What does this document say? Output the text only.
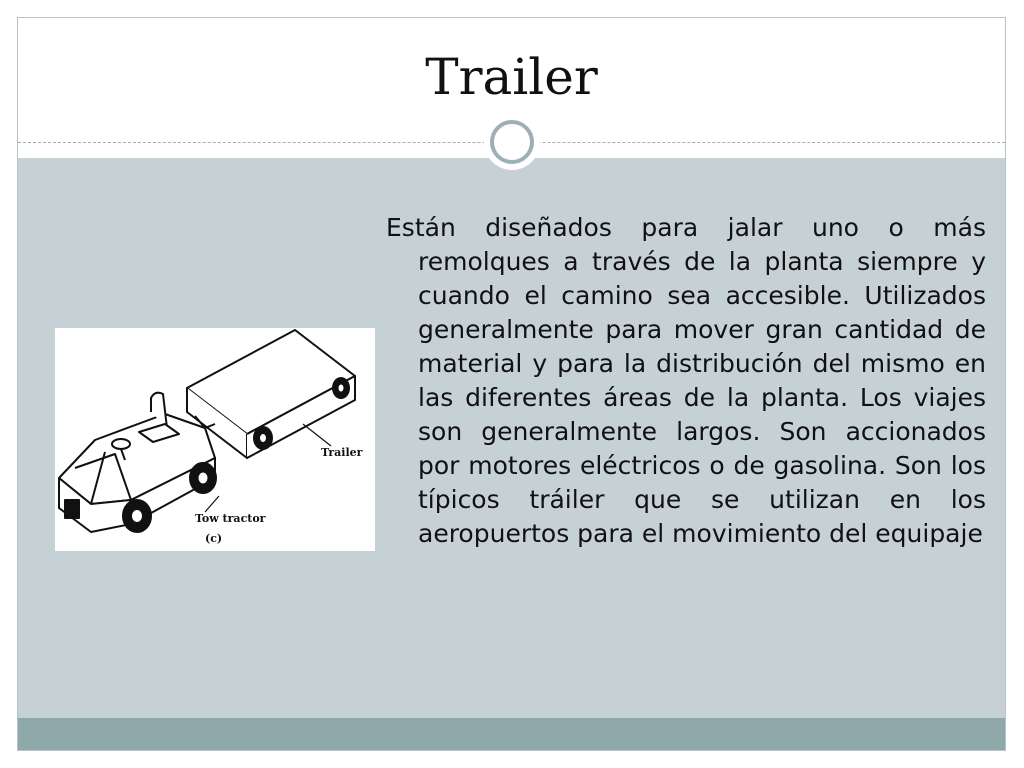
Trailer
Trailer
Tow tractor
(c)

Están diseñados para jalar uno o más remolques a través de la planta siempre y cuando el camino sea accesible. Utilizados generalmente para mover gran cantidad de material y para la distribución del mismo en las diferentes áreas de la planta. Los viajes son generalmente largos. Son accionados por motores eléctricos o de gasolina. Son los típicos tráiler que se utilizan en los aeropuertos para el movimiento del equipaje
